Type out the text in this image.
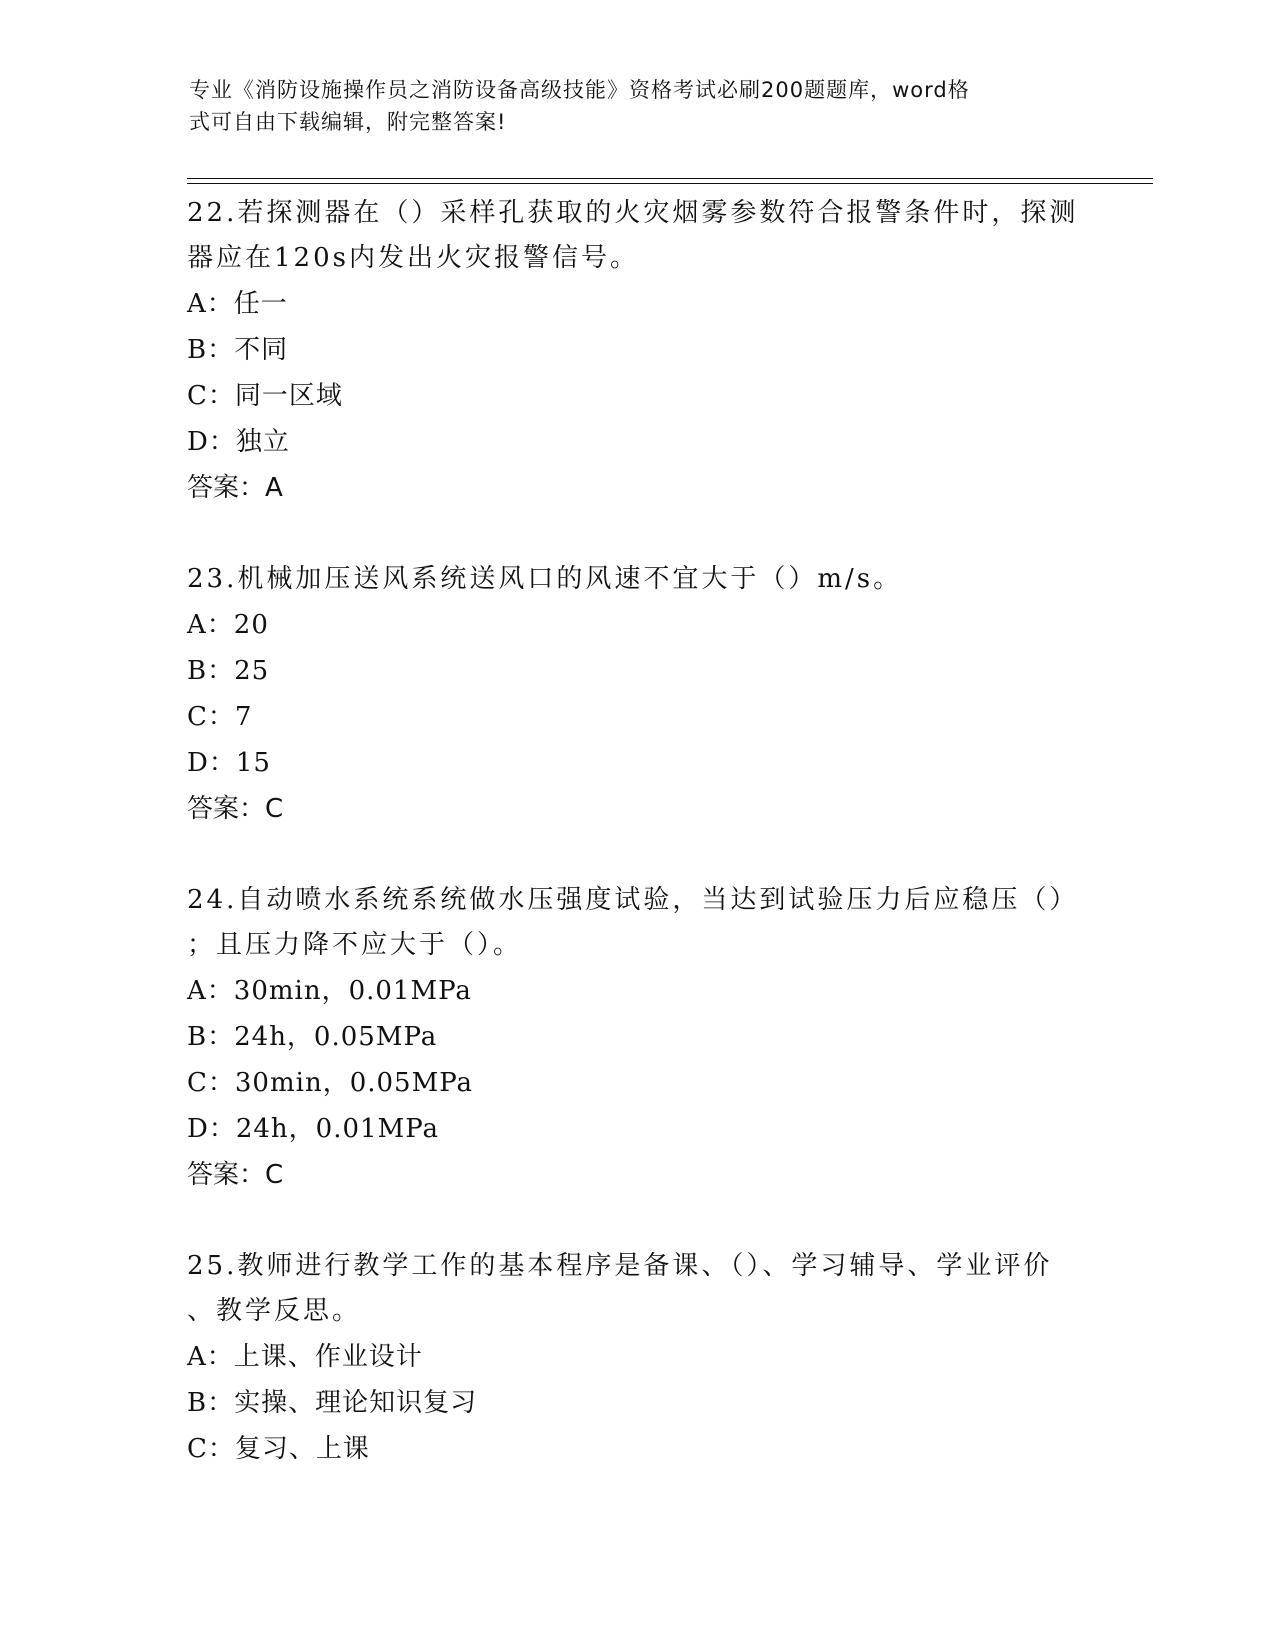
专业《消防设施操作员之消防设备高级技能》资格考试必刷200题题库，word格
式可自由下载编辑，附完整答案!
22.若探测器在（）采样孔获取的火灾烟雾参数符合报警条件时，探测
器应在120s内发出火灾报警信号。
A：任一
B：不同
C：同一区域
D：独立
答案：A
23.机械加压送风系统送风口的风速不宜大于（）m/s。
A：20
B：25
C：7
D：15
答案：C
24.自动喷水系统系统做水压强度试验，当达到试验压力后应稳压（）
；且压力降不应大于（）。
A：30min，0.01MPa
B：24h，0.05MPa
C：30min，0.05MPa
D：24h，0.01MPa
答案：C
25.教师进行教学工作的基本程序是备课、（）、学习辅导、学业评价
、教学反思。
A：上课、作业设计
B：实操、理论知识复习
C：复习、上课
